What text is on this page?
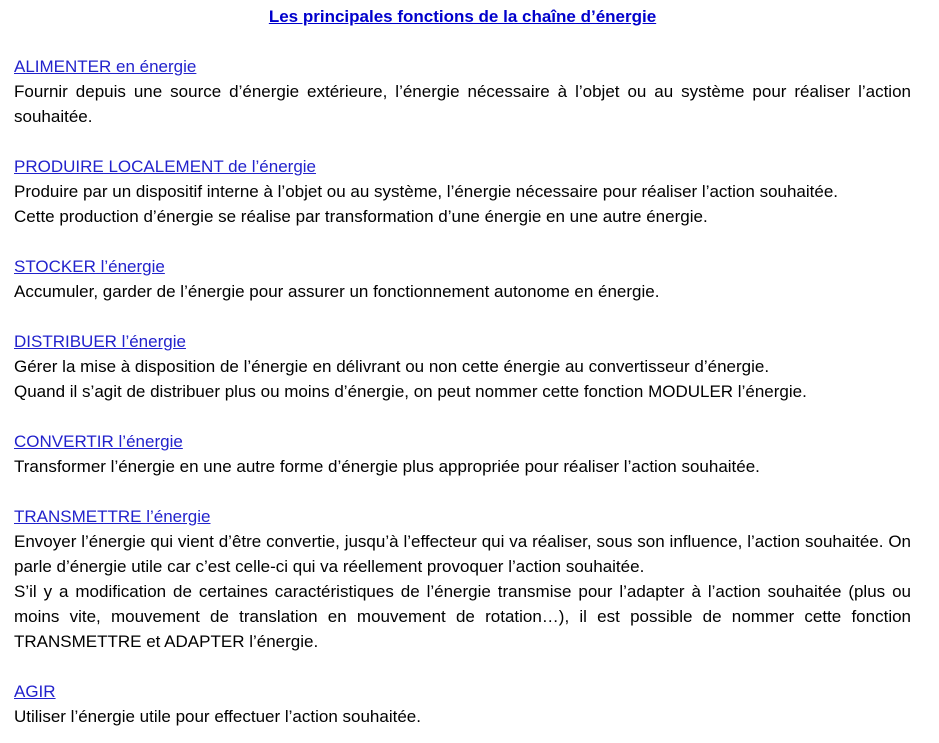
Les principales fonctions de la chaîne d’énergie
ALIMENTER en énergie

Fournir depuis une source d’énergie extérieure, l’énergie nécessaire à l’objet ou au système pour réaliser l’action souhaitée.

PRODUIRE LOCALEMENT de l’énergie

Produire par un dispositif interne à l’objet ou au système, l’énergie nécessaire pour réaliser l’action souhaitée.

Cette production d’énergie se réalise par transformation d’une énergie en une autre énergie.

STOCKER l’énergie

Accumuler, garder de l’énergie pour assurer un fonctionnement autonome en énergie.

DISTRIBUER l’énergie

Gérer la mise à disposition de l’énergie en délivrant ou non cette énergie au convertisseur d’énergie.

Quand il s’agit de distribuer plus ou moins d’énergie, on peut nommer cette fonction MODULER l’énergie.

CONVERTIR l’énergie

Transformer l’énergie en une autre forme d’énergie plus appropriée pour réaliser l’action souhaitée.

TRANSMETTRE l’énergie

Envoyer l’énergie qui vient d’être convertie, jusqu’à l’effecteur qui va réaliser, sous son influence, l’action souhaitée. On parle d’énergie utile car c’est celle-ci qui va réellement provoquer l’action souhaitée.

S’il y a modification de certaines caractéristiques de l’énergie transmise pour l’adapter à l’action souhaitée (plus ou moins vite, mouvement de translation en mouvement de rotation…), il est possible de nommer cette fonction TRANSMETTRE et ADAPTER l’énergie.

AGIR

Utiliser l’énergie utile pour effectuer l’action souhaitée.
